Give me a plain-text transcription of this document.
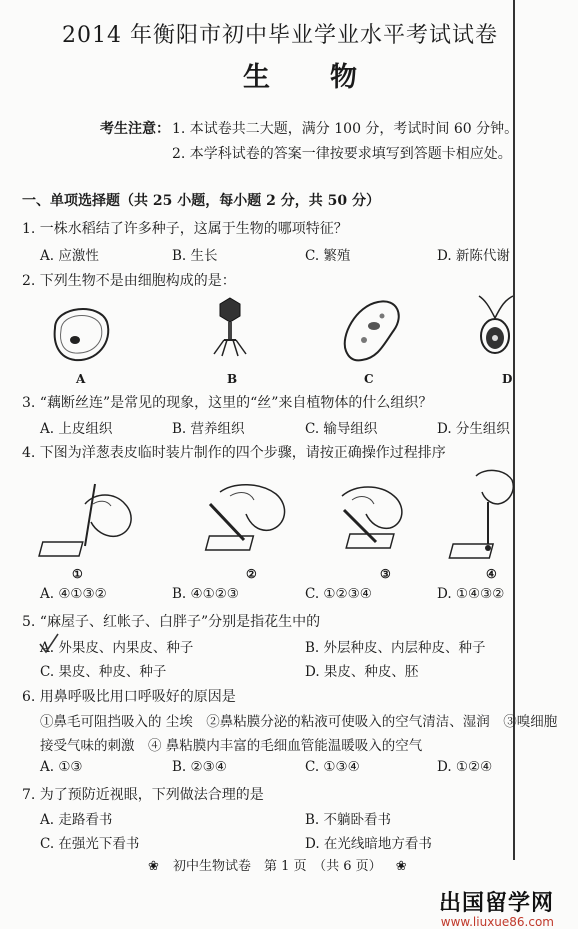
2014 年衡阳市初中毕业学业水平考试试卷
生物
考生注意： 1. 本试卷共二大题，满分 100 分，考试时间 60 分钟。
2. 本学科试卷的答案一律按要求填写到答题卡相应处。
一、单项选择题（共 25 小题，每小题 2 分，共 50 分）
1. 一株水稻结了许多种子，这属于生物的哪项特征？
A. 应激性	B. 生长	C. 繁殖	D. 新陈代谢
2. 下列生物不是由细胞构成的是：
A	B	C	D
3. “藕断丝连”是常见的现象，这里的“丝”来自植物体的什么组织？
A. 上皮组织	B. 营养组织	C. 输导组织	D. 分生组织
4. 下图为洋葱表皮临时装片制作的四个步骤，请按正确操作过程排序
①	②	③	④
A. ④①③②	B. ④①②③	C. ①②③④	D. ①④③②
5. “麻屋子、红帐子、白胖子”分别是指花生中的
A. 外果皮、内果皮、种子	B. 外层种皮、内层种皮、种子
C. 果皮、种皮、种子	D. 果皮、种皮、胚
6. 用鼻呼吸比用口呼吸好的原因是
①鼻毛可阻挡吸入的 尘埃　②鼻粘膜分泌的粘液可使吸入的空气清洁、湿润　③嗅细胞
接受气味的刺激　④ 鼻粘膜内丰富的毛细血管能温暖吸入的空气
A. ①③	B. ②③④	C. ①③④	D. ①②④
7. 为了预防近视眼，下列做法合理的是
A. 走路看书	B. 不躺卧看书
C. 在强光下看书	D. 在光线暗地方看书
❀ 初中生物试卷　第 1 页　（共 6 页） ❀
出国留学网
www.liuxue86.com
